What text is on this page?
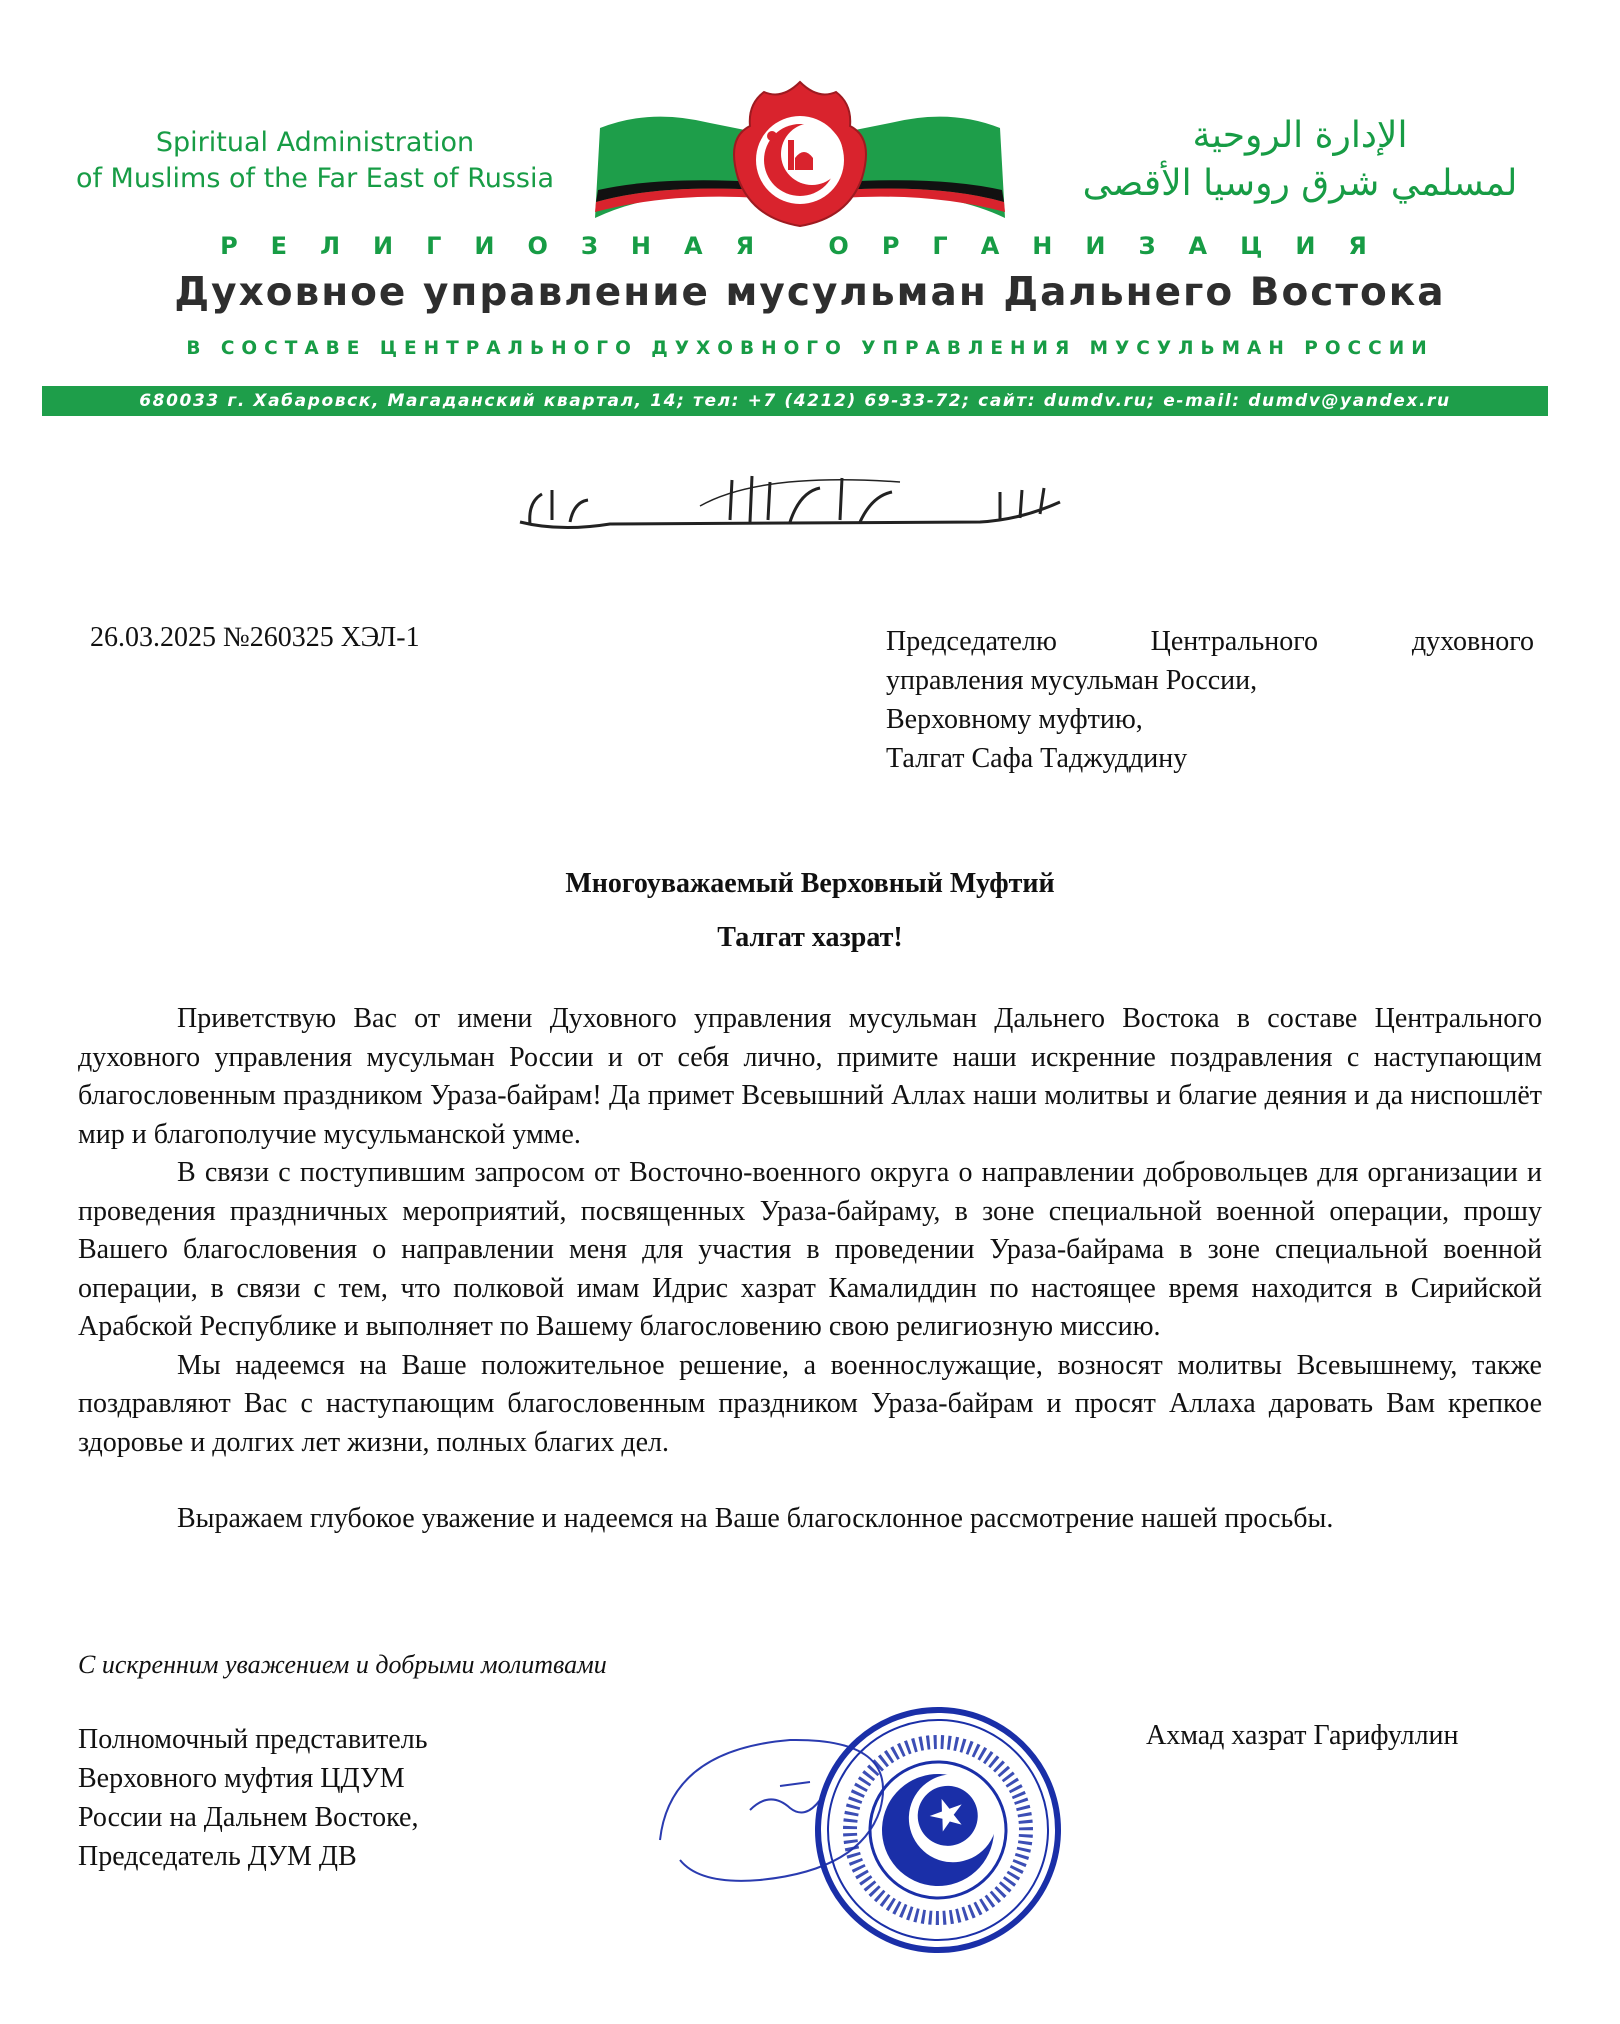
Spiritual Administration
of Muslims of the Far East of Russia
الإدارة الروحية
لمسلمي شرق روسيا الأقصى
РЕЛИГИОЗНАЯ ОРГАНИЗАЦИЯ
Духовное управление мусульман Дальнего Востока
В СОСТАВЕ ЦЕНТРАЛЬНОГО ДУХОВНОГО УПРАВЛЕНИЯ МУСУЛЬМАН РОССИИ
680033 г. Хабаровск, Магаданский квартал, 14; тел: +7 (4212) 69-33-72; сайт: dumdv.ru; e-mail: dumdv@yandex.ru
26.03.2025 №260325 ХЭЛ-1	Председателю Центрального духовного
управления мусульман России,
Верховному муфтию,
Талгат Сафа Таджуддину
Многоуважаемый Верховный Муфтий
Талгат хазрат!

Приветствую Вас от имени Духовного управления мусульман Дальнего Востока в составе Центрального духовного управления мусульман России и от себя лично, примите наши искренние поздравления с наступающим благословенным праздником Ураза-байрам! Да примет Всевышний Аллах наши молитвы и благие деяния и да ниспошлёт мир и благополучие мусульманской умме.

В связи с поступившим запросом от Восточно-военного округа о направлении добровольцев для организации и проведения праздничных мероприятий, посвященных Ураза-байраму, в зоне специальной военной операции, прошу Вашего благословения о направлении меня для участия в проведении Ураза-байрама в зоне специальной военной операции, в связи с тем, что полковой имам Идрис хазрат Камалиддин по настоящее время находится в Сирийской Арабской Республике и выполняет по Вашему благословению свою религиозную миссию.

Мы надеемся на Ваше положительное решение, а военнослужащие, возносят молитвы Всевышнему, также поздравляют Вас с наступающим благословенным праздником Ураза-байрам и просят Аллаха даровать Вам крепкое здоровье и долгих лет жизни, полных благих дел.

Выражаем глубокое уважение и надеемся на Ваше благосклонное рассмотрение нашей просьбы.

С искренним уважением и добрыми молитвами
Полномочный представитель
Верховного муфтия ЦДУМ
России на Дальнем Востоке,
Председатель ДУМ ДВ
Ахмад хазрат Гарифуллин
